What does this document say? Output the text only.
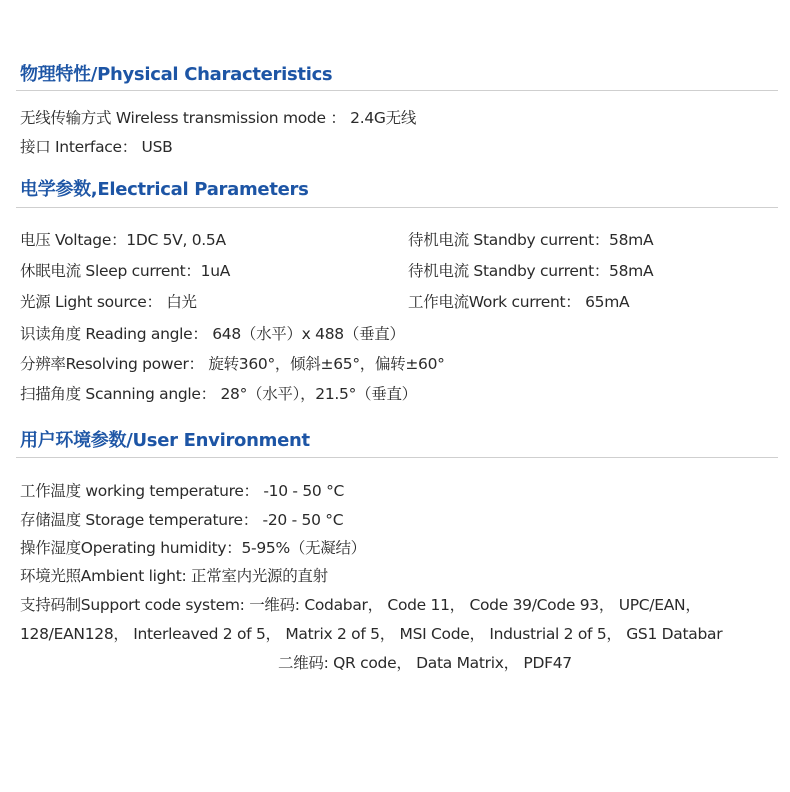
物理特性/Physical Characteristics
无线传输方式 Wireless transmission mode ： 2.4G无线
接口 Interface： USB
电学参数,Electrical Parameters
电压 Voltage：1DC 5V, 0.5A	待机电流 Standby current：58mA
休眠电流 Sleep current：1uA	待机电流 Standby current：58mA
光源 Light source： 白光	工作电流Work current： 65mA
识读角度 Reading angle： 648（水平）x 488（垂直）
分辨率Resolving power： 旋转360°，倾斜±65°，偏转±60°
扫描角度 Scanning angle： 28°（水平），21.5°（垂直）
用户环境参数/User Environment
工作温度 working temperature： -10 - 50 °C
存储温度 Storage temperature： -20 - 50 °C
操作湿度Operating humidity：5-95%（无凝结）
环境光照Ambient light: 正常室内光源的直射
支持码制Support code system: 一维码: Codabar， Code 11， Code 39/Code 93， UPC/EAN，
128/EAN128， Interleaved 2 of 5， Matrix 2 of 5， MSI Code， Industrial 2 of 5， GS1 Databar
二维码: QR code， Data Matrix， PDF47
